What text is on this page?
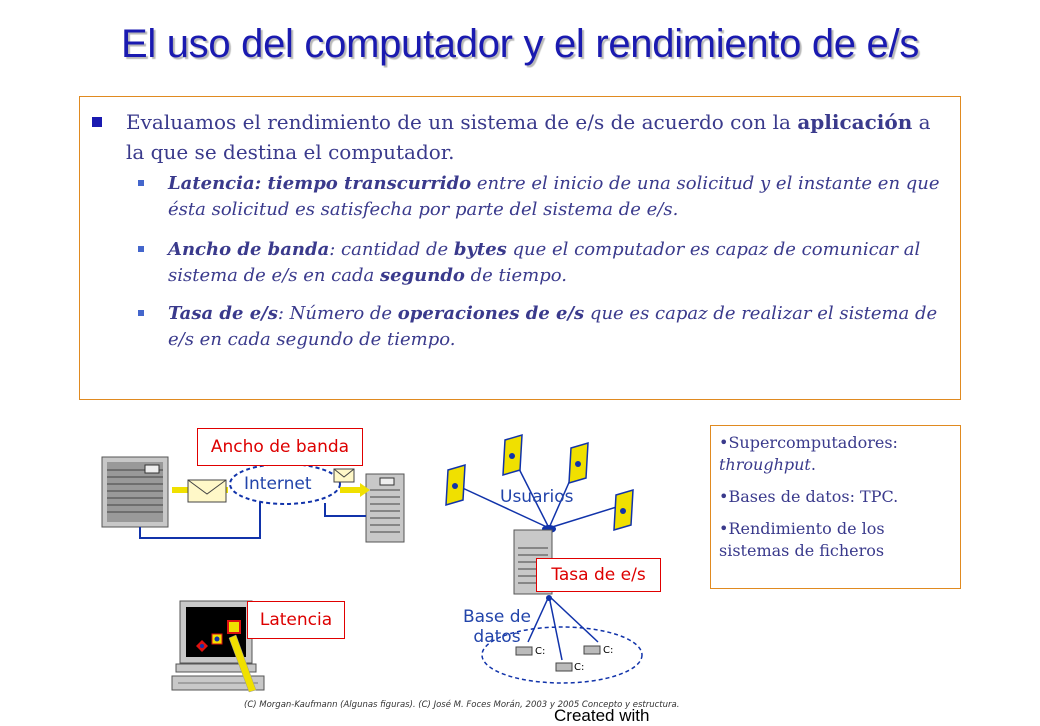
El uso del computador y el rendimiento de e/s
Evaluamos el rendimiento de un sistema de e/s de acuerdo con la aplicación a la que se destina el computador.
Latencia: tiempo transcurrido entre el inicio de una solicitud y el instante en que ésta solicitud es satisfecha por parte del sistema de e/s.
Ancho de banda: cantidad de bytes que el computador es capaz de comunicar al sistema de e/s en cada segundo de tiempo.
Tasa de e/s: Número de operaciones de e/s que es capaz de realizar el sistema de e/s en cada segundo de tiempo.
Ancho de banda
Tasa de e/s
Latencia
Internet
Usuarios
Base de datos
C:
C:
C:

•Supercomputadores: throughput.

•Bases de datos: TPC.

•Rendimiento de los sistemas de ficheros

(C) Morgan-Kaufmann (Algunas figuras). (C) José M. Foces Morán, 2003 y 2005 Concepto y estructura.
Created with
